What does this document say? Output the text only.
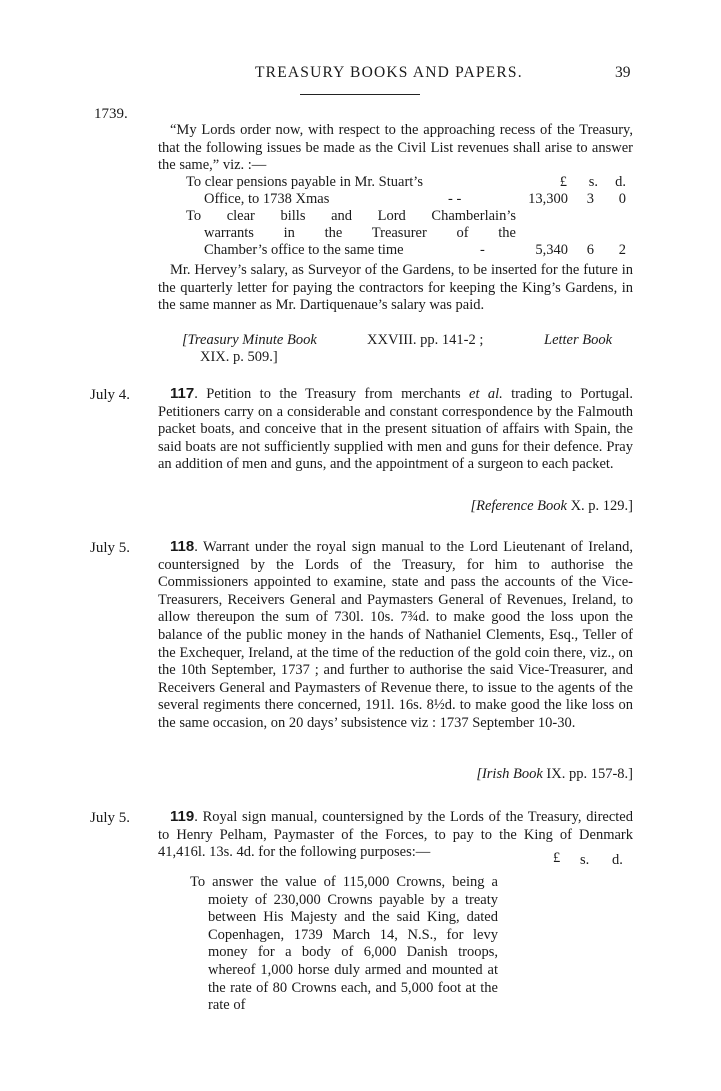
TREASURY BOOKS AND PAPERS.	39
1739.

“My Lords order now, with respect to the approaching recess of the Treasury, that the following issues be made as the Civil List revenues shall arise to answer the same,” viz. :—

£	s.	d.
To clear pensions payable in Mr. Stuart’s
Office, to 1738 Xmas	- -	13,300	3	0
To clear bills and Lord Chamberlain’s
warrants in the Treasurer of the
Chamber’s office to the same time	-	5,340	6	2

Mr. Hervey’s salary, as Surveyor of the Gardens, to be inserted for the future in the quarterly letter for paying the contractors for keeping the King’s Gardens, in the same manner as Mr. Dartiquenaue’s salary was paid.

[Treasury Minute Book	XXVIII. pp. 141-2 ;	Letter Book
XIX. p. 509.]
July 4.	117. Petition to the Treasury from merchants et al. trading to Portugal. Petitioners carry on a considerable and constant correspondence by the Falmouth packet boats, and conceive that in the present situation of affairs with Spain, the said boats are not sufficiently supplied with men and guns for their defence. Pray an addition of men and guns, and the appointment of a surgeon to each packet.

[Reference Book X. p. 129.]
July 5.	118. Warrant under the royal sign manual to the Lord Lieutenant of Ireland, countersigned by the Lords of the Treasury, for him to authorise the Commissioners appointed to examine, state and pass the accounts of the Vice-Treasurers, Receivers General and Paymasters General of Revenues, Ireland, to allow thereupon the sum of 730l. 10s. 7¾d. to make good the loss upon the balance of the public money in the hands of Nathaniel Clements, Esq., Teller of the Exchequer, Ireland, at the time of the reduction of the gold coin there, viz., on the 10th September, 1737 ; and further to authorise the said Vice-Treasurer, and Receivers General and Paymasters of Revenue there, to issue to the agents of the several regiments there concerned, 191l. 16s. 8½d. to make good the like loss on the same occasion, on 20 days’ subsistence viz : 1737 September 10-30.

[Irish Book IX. pp. 157-8.]
July 5.	119. Royal sign manual, countersigned by the Lords of the Treasury, directed to Henry Pelham, Paymaster of the Forces, to pay to the King of Denmark 41,416l. 13s. 4d. for the following purposes:—	£ s. d.

To answer the value of 115,000 Crowns, being a moiety of 230,000 Crowns payable by a treaty between His Majesty and the said King, dated Copenhagen, 1739 March 14, N.S., for levy money for a body of 6,000 Danish troops, whereof 1,000 horse duly armed and mounted at the rate of 80 Crowns each, and 5,000 foot at the rate of
